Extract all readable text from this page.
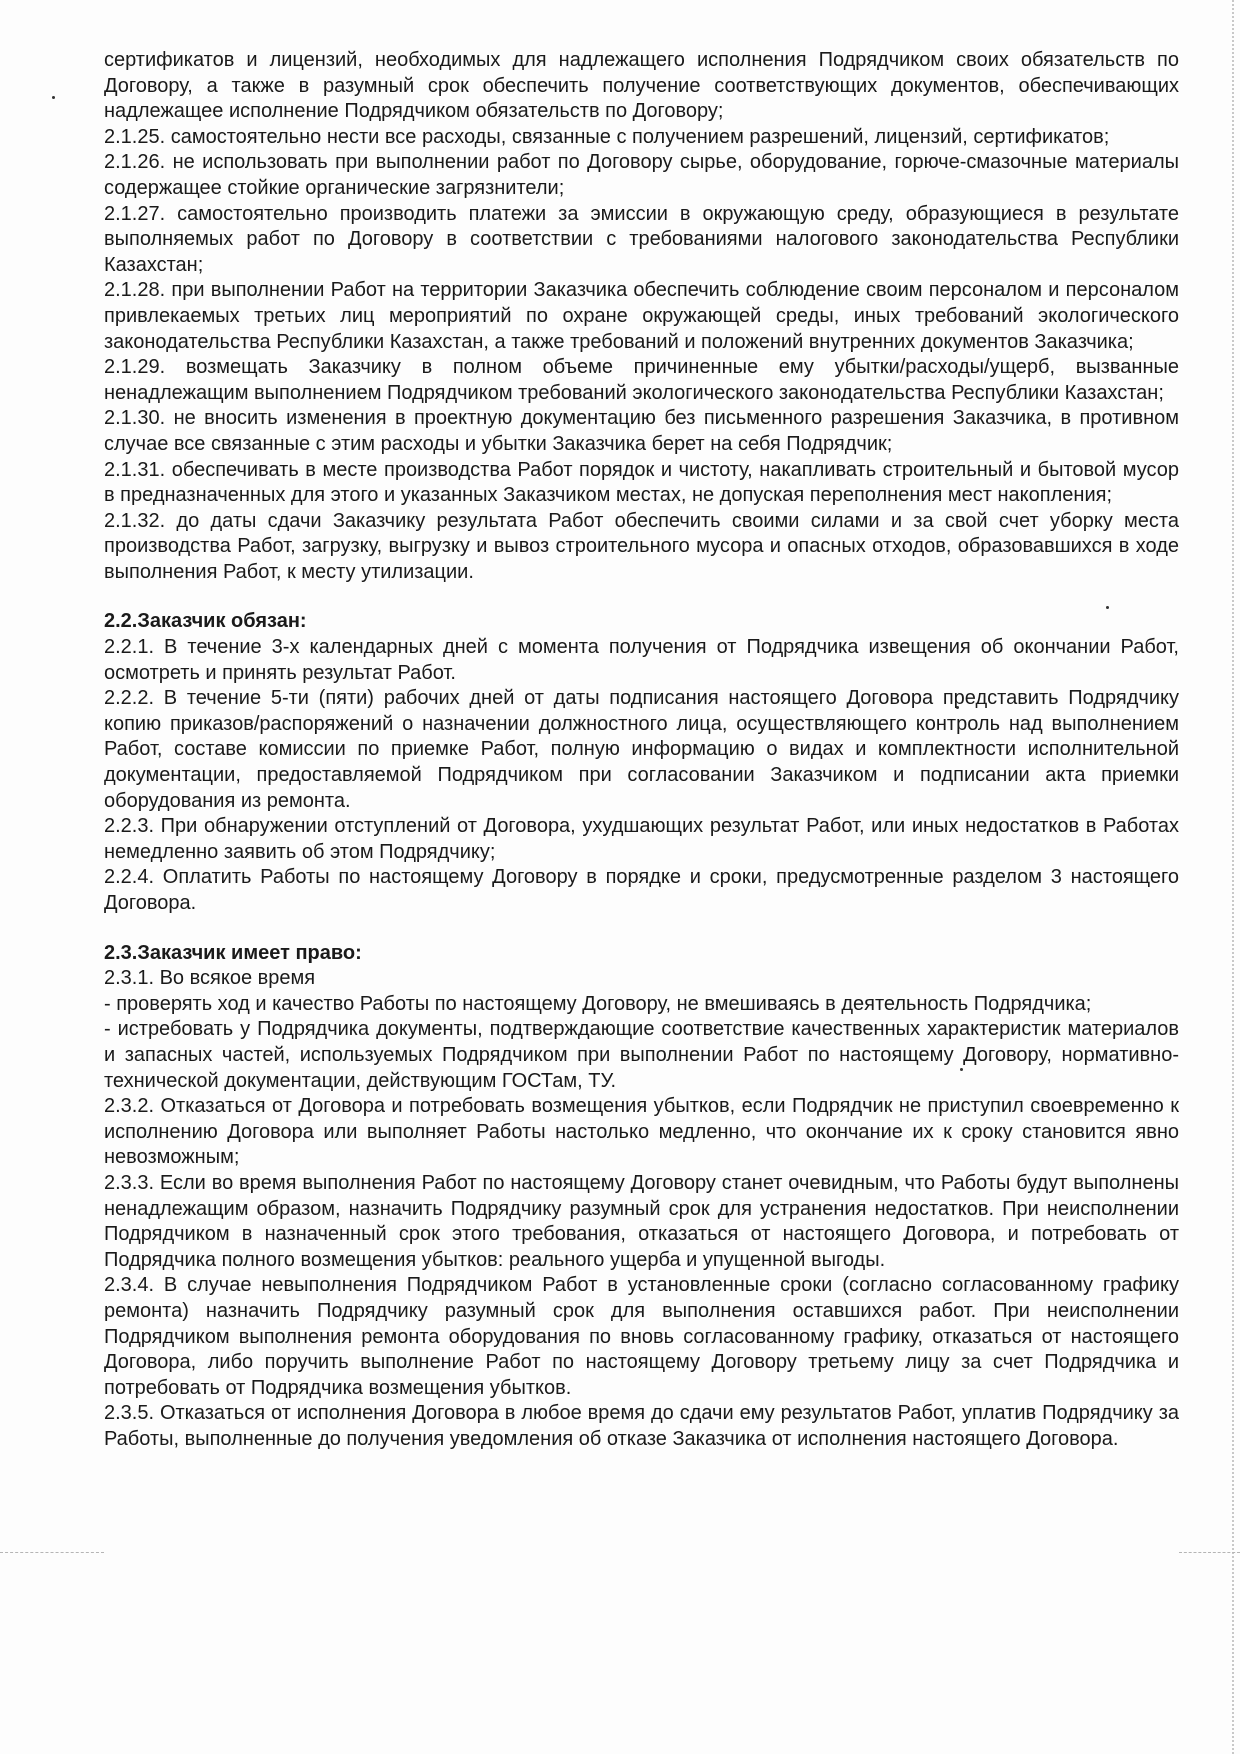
сертификатов и лицензий, необходимых для надлежащего исполнения Подрядчиком своих обязательств по Договору, а также в разумный срок обеспечить получение соответствующих документов, обеспечивающих надлежащее исполнение Подрядчиком обязательств по Договору;

2.1.25. самостоятельно нести все расходы, связанные с получением разрешений, лицензий, сертификатов;

2.1.26. не использовать при выполнении работ по Договору сырье, оборудование, горюче-смазочные материалы содержащее стойкие органические загрязнители;

2.1.27. самостоятельно производить платежи за эмиссии в окружающую среду, образующиеся в результате выполняемых работ по Договору в соответствии с требованиями налогового законодательства Республики Казахстан;

2.1.28. при выполнении Работ на территории Заказчика обеспечить соблюдение своим персоналом и персоналом привлекаемых третьих лиц мероприятий по охране окружающей среды, иных требований экологического законодательства Республики Казахстан, а также требований и положений внутренних документов Заказчика;

2.1.29. возмещать Заказчику в полном объеме причиненные ему убытки/расходы/ущерб, вызванные ненадлежащим выполнением Подрядчиком требований экологического законодательства Республики Казахстан;

2.1.30. не вносить изменения в проектную документацию без письменного разрешения Заказчика, в противном случае все связанные с этим расходы и убытки Заказчика берет на себя Подрядчик;

2.1.31. обеспечивать в месте производства Работ порядок и чистоту, накапливать строительный и бытовой мусор в предназначенных для этого и указанных Заказчиком местах, не допуская переполнения мест накопления;

2.1.32. до даты сдачи Заказчику результата Работ обеспечить своими силами и за свой счет уборку места производства Работ, загрузку, выгрузку и вывоз строительного мусора и опасных отходов, образовавшихся в ходе выполнения Работ, к месту утилизации.

2.2.Заказчик обязан:

2.2.1. В течение 3-х календарных дней с момента получения от Подрядчика извещения об окончании Работ, осмотреть и принять результат Работ.

2.2.2. В течение 5-ти (пяти) рабочих дней от даты подписания настоящего Договора представить Подрядчику копию приказов/распоряжений о назначении должностного лица, осуществляющего контроль над выполнением Работ, составе комиссии по приемке Работ, полную информацию о видах и комплектности исполнительной документации, предоставляемой Подрядчиком при согласовании Заказчиком и подписании акта приемки оборудования из ремонта.

2.2.3. При обнаружении отступлений от Договора, ухудшающих результат Работ, или иных недостатков в Работах немедленно заявить об этом Подрядчику;

2.2.4. Оплатить Работы по настоящему Договору в порядке и сроки, предусмотренные разделом 3 настоящего Договора.

2.3.Заказчик имеет право:

2.3.1. Во всякое время

- проверять ход и качество Работы по настоящему Договору, не вмешиваясь в деятельность Подрядчика;

- истребовать у Подрядчика документы, подтверждающие соответствие качественных характеристик материалов и запасных частей, используемых Подрядчиком при выполнении Работ по настоящему Договору, нормативно-технической документации, действующим ГОСТам, ТУ.

2.3.2. Отказаться от Договора и потребовать возмещения убытков, если Подрядчик не приступил своевременно к исполнению Договора или выполняет Работы настолько медленно, что окончание их к сроку становится явно невозможным;

2.3.3. Если во время выполнения Работ по настоящему Договору станет очевидным, что Работы будут выполнены ненадлежащим образом, назначить Подрядчику разумный срок для устранения недостатков. При неисполнении Подрядчиком в назначенный срок этого требования, отказаться от настоящего Договора, и потребовать от Подрядчика полного возмещения убытков: реального ущерба и упущенной выгоды.

2.3.4. В случае невыполнения Подрядчиком Работ в установленные сроки (согласно согласованному графику ремонта) назначить Подрядчику разумный срок для выполнения оставшихся работ. При неисполнении Подрядчиком выполнения ремонта оборудования по вновь согласованному графику, отказаться от настоящего Договора, либо поручить выполнение Работ по настоящему Договору третьему лицу за счет Подрядчика и потребовать от Подрядчика возмещения убытков.

2.3.5. Отказаться от исполнения Договора в любое время до сдачи ему результатов Работ, уплатив Подрядчику за Работы, выполненные до получения уведомления об отказе Заказчика от исполнения настоящего Договора.
